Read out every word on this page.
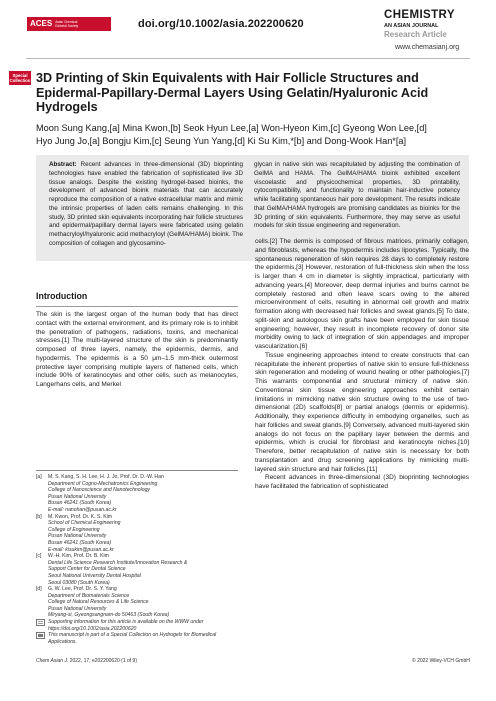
ACES Asian Chemical Editorial Society	doi.org/10.1002/asia.202200620
CHEMISTRY
AN ASIAN JOURNAL
Research Article
www.chemasianj.org
Special Collection 3D Printing of Skin Equivalents with Hair Follicle Structures and Epidermal-Papillary-Dermal Layers Using Gelatin/Hyaluronic Acid Hydrogels
Moon Sung Kang,[a] Mina Kwon,[b] Seok Hyun Lee,[a] Won-Hyeon Kim,[c] Gyeong Won Lee,[d]
Hyo Jung Jo,[a] Bongju Kim,[c] Seung Yun Yang,[d] Ki Su Kim,*[b] and Dong-Wook Han*[a]
Abstract: Recent advances in three-dimensional (3D) bioprinting technologies have enabled the fabrication of sophisticated live 3D tissue analogs. Despite the existing hydrogel-based bioinks, the development of advanced bioink materials that can accurately reproduce the composition of a native extracellular matrix and mimic the intrinsic properties of laden cells remains challenging. In this study, 3D printed skin equivalents incorporating hair follicle structures and epidermal/papillary dermal layers were fabricated using gelatin methacryloyl/hyaluronic acid methacryloyl (GelMA/HAMA) bioink. The composition of collagen and glycosamino-
glycan in native skin was recapitulated by adjusting the combination of GelMA and HAMA. The GelMA/HAMA bioink exhibited excellent viscoelastic and physicochemical properties, 3D printability, cytocompatibility, and functionality to maintain hair-inductive potency while facilitating spontaneous hair pore development. The results indicate that GelMA/HAMA hydrogels are promising candidates as bioinks for the 3D printing of skin equivalents. Furthermore, they may serve as useful models for skin tissue engineering and regeneration.
Introduction

The skin is the largest organ of the human body that has direct contact with the external environment, and its primary role is to inhibit the penetration of pathogens, radiations, toxins, and mechanical stresses.[1] The multi-layered structure of the skin is predominantly composed of three layers, namely, the epidermis, dermis, and hypodermis. The epidermis is a 50 μm–1.5 mm-thick outermost protective layer comprising multiple layers of flattened cells, which include 90% of keratinocytes and other cells, such as melanocytes, Langerhans cells, and Merkel

cells.[2] The dermis is composed of fibrous matrices, primarily collagen, and fibroblasts, whereas the hypodermis includes lipocytes. Typically, the spontaneous regeneration of skin requires 28 days to completely restore the epidermis.[3] However, restoration of full-thickness skin when the loss is larger than 4 cm in diameter is slightly impractical, particularly with advancing years.[4] Moreover, deep dermal injuries and burns cannot be completely restored and often leave scars owing to the altered microenvironment of cells, resulting in abnormal cell growth and matrix formation along with decreased hair follicles and sweat glands.[5] To date, split-skin and autologous skin grafts have been employed for skin tissue engineering; however, they result in incomplete recovery of donor site morbidity owing to lack of integration of skin appendages and improper vascularization.[6]

Tissue engineering approaches intend to create constructs that can recapitulate the inherent properties of native skin to ensure full-thickness skin regeneration and modeling of wound healing or other pathologies.[7] This warrants componential and structural mimicry of native skin. Conventional skin tissue engineering approaches exhibit certain limitations in mimicking native skin structure owing to the use of two-dimensional (2D) scaffolds[8] or partial analogs (dermis or epidermis). Additionally, they experience difficulty in embodying organelles, such as hair follicles and sweat glands.[9] Conversely, advanced multi-layered skin analogs do not focus on the papillary layer between the dermis and epidermis, which is crucial for fibroblast and keratinocyte niches.[10] Therefore, better recapitulation of native skin is necessary for both transplantation and drug screening applications by mimicking multi-layered skin structure and hair follicles.[11]

Recent advances in three-dimensional (3D) bioprinting technologies have facilitated the fabrication of sophisticated

[a]	M. S. Kang, S. H. Lee, H. J. Jo, Prof. Dr. D.-W. Han
Department of Cogno-Mechatronics Engineering
College of Nanoscience and Nanotechnology
Pusan National University
Busan 46241 (South Korea)
E-mail: nanohan@pusan.ac.kr
[b]	M. Kwon, Prof. Dr. K. S. Kim
School of Chemical Engineering
College of Engineering
Pusan National University
Busan 46241 (South Korea)
E-mail: kisukim@pusan.ac.kr
[c]	W.-H. Kim, Prof. Dr. B. Kim
Dental Life Science Research Institute/Innovation Research &
Support Center for Dental Science
Seoul National University Dental Hospital
Seoul 03080 (South Korea)
[d]	G. W. Lee, Prof. Dr. S. Y. Yang
Department of Biomaterials Science
College of Natural Resources & Life Science
Pusan National University
Miryang-si, Gyeongsangnam-do 50463 (South Korea)
Supporting information for this article is available on the WWW under https://doi.org/10.1002/asia.202200620
This manuscript is part of a Special Collection on Hydrogels for Biomedical Applications.
Chem Asian J. 2022, 17, e202200620 (1 of 9)	© 2022 Wiley-VCH GmbH
